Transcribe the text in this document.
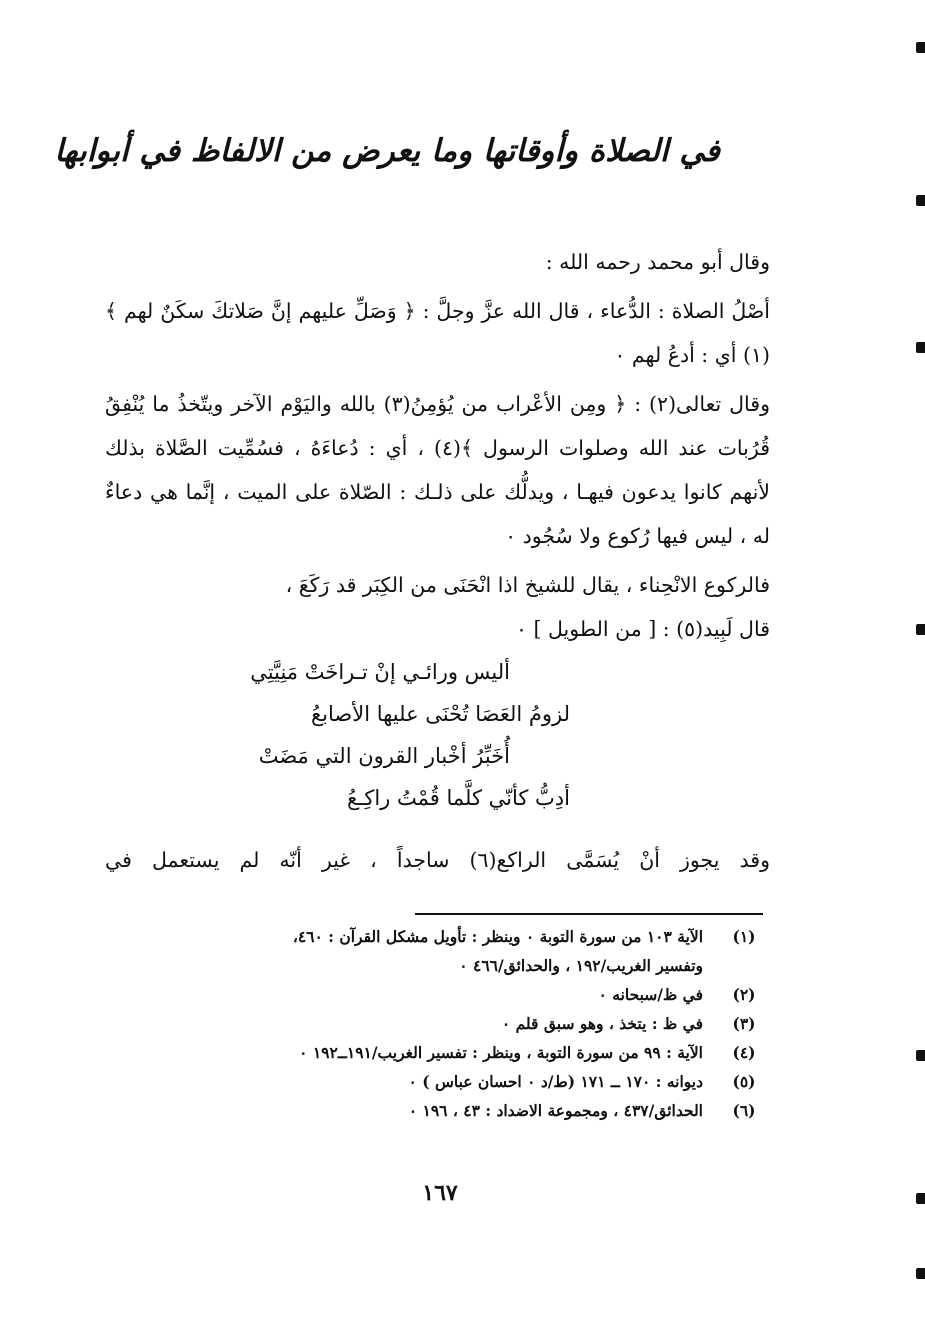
في الصلاة وأوقاتها وما يعرض من الالفاظ في أبوابها

وقال أبو محمد رحمه الله :

أصْلُ الصلاة : الدُّعاء ، قال الله عزَّ وجلَّ : ﴿ وَصَلِّ عليهم إنَّ صَلاتكَ سكَنٌ لهم ﴾(١) أي : أدعُ لهم ٠

وقال تعالى(٢) : ﴿ ومِن الأعْراب من يُؤمِنُ(٣) بالله واليَوْم الآخر ويتّخذُ ما يُنْفِقُ قُرُبات عند الله وصلوات الرسول ﴾(٤) ، أي : دُعاءَهُ ، فسُمِّيت الصَّلاة بذلك لأنهم كانوا يدعون فيهـا ، ويدلُّك على ذلـك : الصّلاة على الميت ، إنَّما هي دعاءٌ له ، ليس فيها رُكوع ولا سُجُود ٠

فالركوع الانْحِناء ، يقال للشيخ اذا انْحَنَى من الكِبَر قد رَكَعَ ،

قال لَبِيد(٥) : [ من الطويل ] ٠

أليس ورائـي إنْ تـراخَتْ مَنِيَّتِي
لزومُ العَصَا تُحْنَى عليها الأصابعُ
أُخَبِّرُ أخْبار القرون التي مَضَتْ
أدِبُّ كأنّي كلَّما قُمْتُ راكِـعُ
وقد يجوز أنْ يُسَمَّى الراكع(٦) ساجداً ، غير أنّه لم يستعمل في
(١)
الآية ١٠٣ من سورة التوبة ٠ وينظر : تأويل مشكل القرآن : ٤٦٠،
وتفسير الغريب/١٩٢ ، والحدائق/٤٦٦ ٠
(٢)
في ظ/سبحانه ٠
(٣)
في ظ : يتخذ ، وهو سبق قلم ٠
(٤)
الآية : ٩٩ من سورة التوبة ، وينظر : تفسير الغريب/١٩١ــ١٩٢ ٠
(٥)
ديوانه : ١٧٠ ــ ١٧١ (ط/د ٠ احسان عباس ) ٠
(٦)
الحدائق/٤٣٧ ، ومجموعة الاضداد : ٤٣ ، ١٩٦ ٠
١٦٧
